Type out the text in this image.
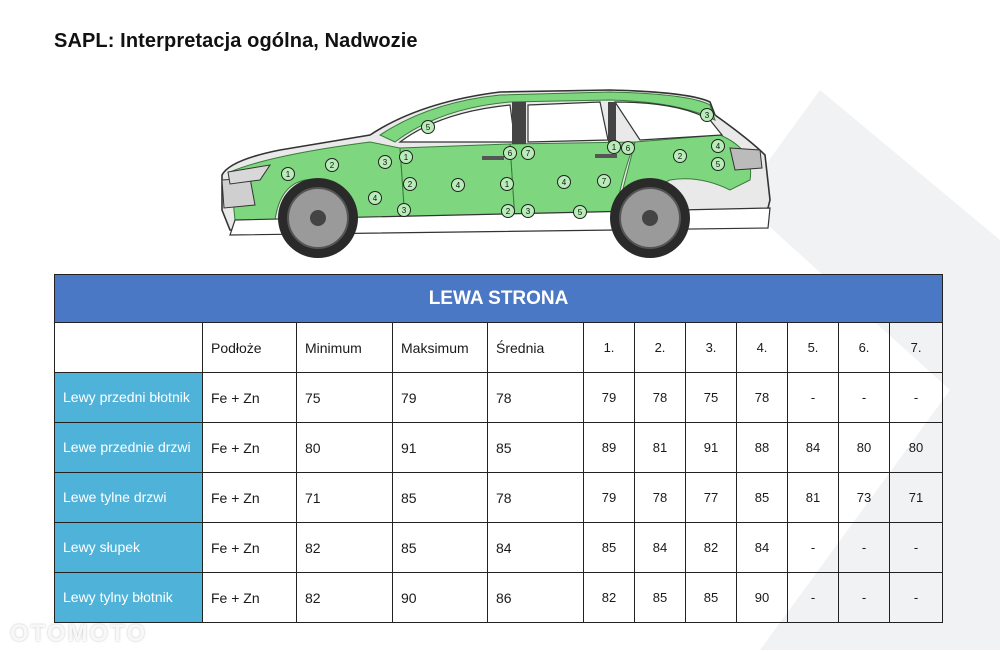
SAPL: Interpretacja ogólna, Nadwozie
1
2	3
4
1
2
3
4
5
6 7
1
2 3
4
5
6
7
1
2
3
4
5
LEWA STRONA											
	Podłoże	Minimum	Maksimum	Średnia	1.	2.	3.	4.	5.	6.	7.
Lewy przedni błotnik	Fe + Zn	75	79	78	79	78	75	78	-	-	-
Lewe przednie drzwi	Fe + Zn	80	91	85	89	81	91	88	84	80	80
Lewe tylne drzwi	Fe + Zn	71	85	78	79	78	77	85	81	73	71
Lewy słupek	Fe + Zn	82	85	84	85	84	82	84	-	-	-
Lewy tylny błotnik	Fe + Zn	82	90	86	82	85	85	90	-	-	-
OTOMOTO
